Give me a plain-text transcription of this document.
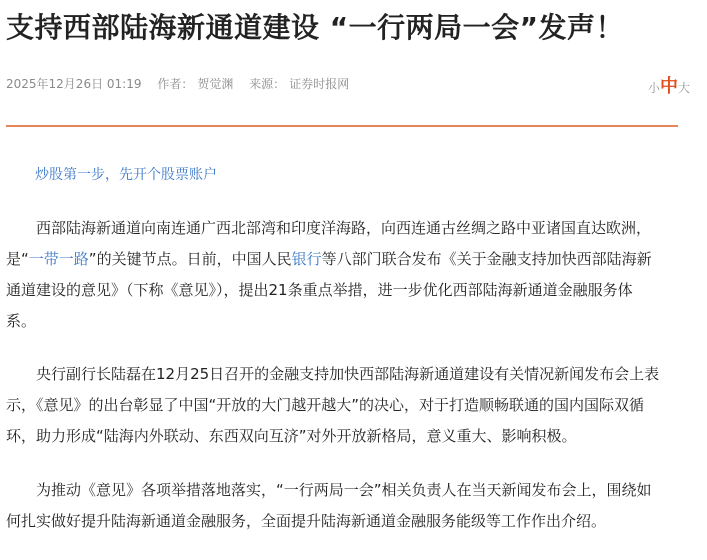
支持西部陆海新通道建设 “一行两局一会”发声！
2025年12月26日 01:19 作者： 贺觉渊 来源： 证券时报网	小中大
炒股第一步，先开个股票账户

西部陆海新通道向南连通广西北部湾和印度洋海路，向西连通古丝绸之路中亚诸国直达欧洲，

是“一带一路”的关键节点。日前，中国人民银行等八部门联合发布《关于金融支持加快西部陆海新

通道建设的意见》（下称《意见》），提出21条重点举措，进一步优化西部陆海新通道金融服务体

系。

央行副行长陆磊在12月25日召开的金融支持加快西部陆海新通道建设有关情况新闻发布会上表

示，《意见》的出台彰显了中国“开放的大门越开越大”的决心，对于打造顺畅联通的国内国际双循

环，助力形成“陆海内外联动、东西双向互济”对外开放新格局，意义重大、影响积极。

为推动《意见》各项举措落地落实，“一行两局一会”相关负责人在当天新闻发布会上，围绕如

何扎实做好提升陆海新通道金融服务，全面提升陆海新通道金融服务能级等工作作出介绍。
